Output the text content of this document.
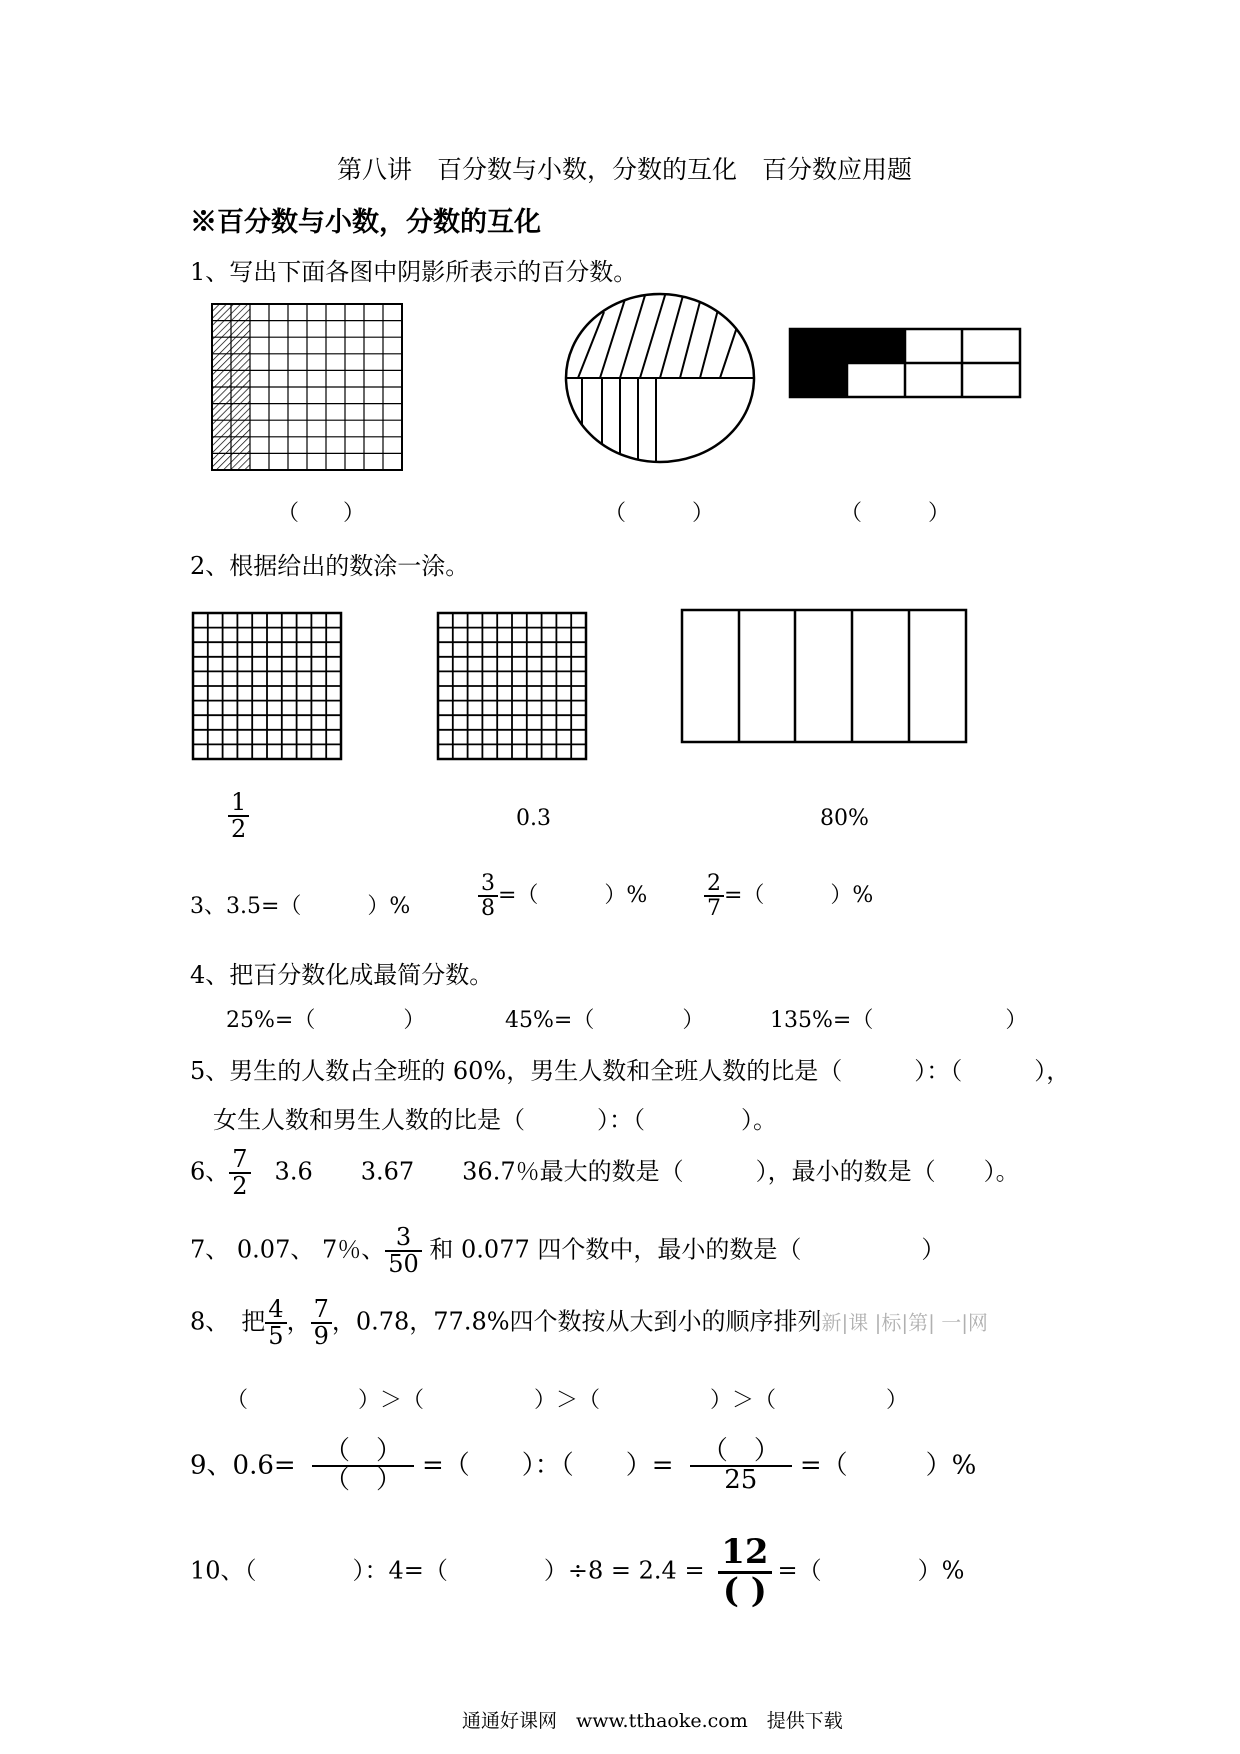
第八讲　百分数与小数，分数的互化　百分数应用题
※百分数与小数，分数的互化
1、写出下面各图中阴影所表示的百分数。
（　　）	（　　　）	（　　　）
2、根据给出的数涂一涂。
$\frac{1}{2}$	0.3	80%
3、3.5=（　　　）%	$\frac{3}{8}$ =（　　　）%	$\frac{2}{7}$ =（　　　）%
4、把百分数化成最简分数。
25%=（　　　　）	45%=（　　　　）	135%=（　　　　　　）
5、男生的人数占全班的 60%，男生人数和全班人数的比是（　　　）：（　　　），
女生人数和男生人数的比是（　　　）：（　　　　）。
6、 $\frac{7}{2}$ 　3.6　　3.67　　36.7％最大的数是（　　　），最小的数是（　　）。
7、 0.07、 7％、 $\frac{3}{50}$ 和 0.077 四个数中，最小的数是（　　　　　）
8、　把 $\frac{4}{5}$ ， $\frac{7}{9}$ ，0.78，77.8%四个数按从大到小的顺序排列新|课 |标|第| 一|网
（　　　　　）＞（　　　　　）＞（　　　　　）＞（　　　　　）
9、$0.6= \frac{( )}{( )}$ =（　　）：（　　）= $\frac{( )}{25}$ =（　　　）%
10、（　　　　）：4=（　　　　）$\div 8 = 2.4 = \frac{12}{( )}$ =（　　　　）%
通通好课网　www.tthaoke.com　提供下载
